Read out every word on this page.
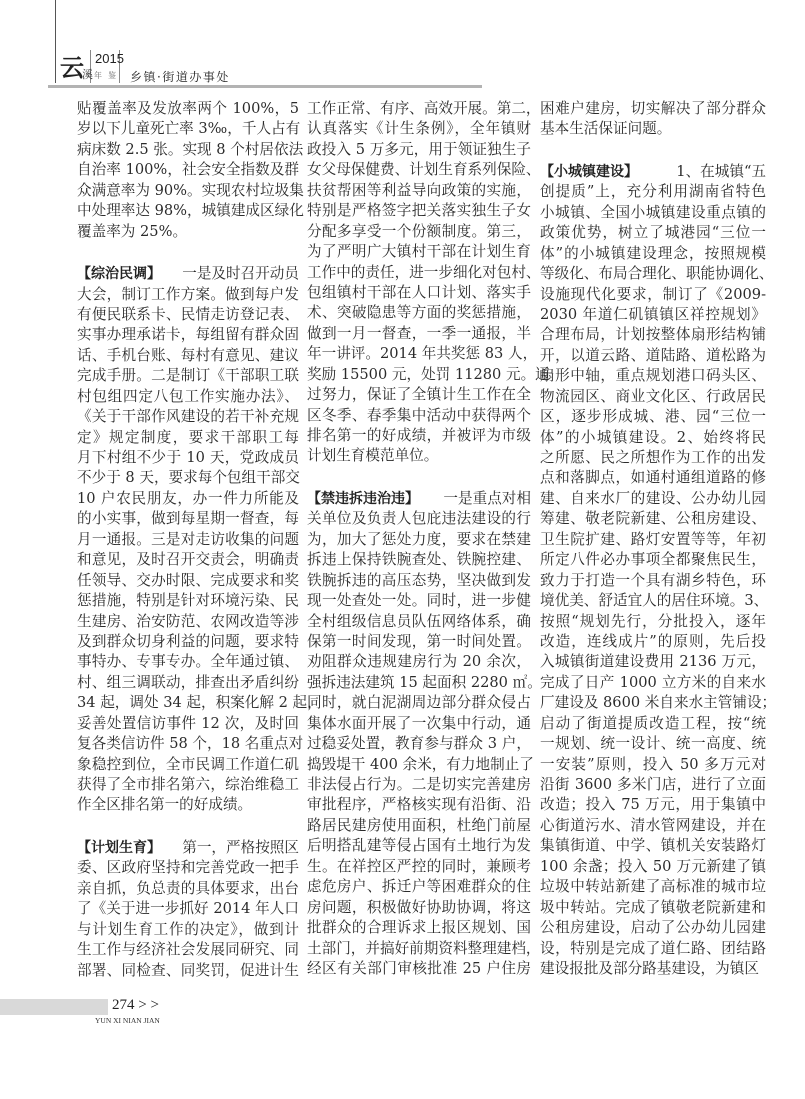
云
溪
2015
年鉴 乡镇·街道办事处
贴覆盖率及发放率两个 100%，5
岁以下儿童死亡率 3‰，千人占有
病床数 2.5 张。实现 8 个村居依法
自治率 100%，社会安全指数及群
众满意率为 90%。实现农村垃圾集
中处理率达 98%，城镇建成区绿化
覆盖率为 25%。
【综治民调】 一是及时召开动员
大会，制订工作方案。做到每户发
有便民联系卡、民情走访登记表、
实事办理承诺卡，每组留有群众固
话、手机台账、每村有意见、建议
完成手册。二是制订《干部职工联
村包组四定八包工作实施办法》、
《关于干部作风建设的若干补充规
定》规定制度，要求干部职工每
月下村组不少于 10 天，党政成员
不少于 8 天，要求每个包组干部交
10 户农民朋友，办一件力所能及
的小实事，做到每星期一督查，每
月一通报。三是对走访收集的问题
和意见，及时召开交责会，明确责
任领导、交办时限、完成要求和奖
惩措施，特别是针对环境污染、民
生建房、治安防范、农网改造等涉
及到群众切身利益的问题，要求特
事特办、专事专办。全年通过镇、
村、组三调联动，排查出矛盾纠纷
34 起，调处 34 起，积案化解 2 起，
妥善处置信访事件 12 次，及时回
复各类信访件 58 个，18 名重点对
象稳控到位，全市民调工作道仁矶
获得了全市排名第六，综治维稳工
作全区排名第一的好成绩。
【计划生育】 第一，严格按照区
委、区政府坚持和完善党政一把手
亲自抓，负总责的具体要求，出台
了《关于进一步抓好 2014 年人口
与计划生育工作的决定》，做到计
生工作与经济社会发展同研究、同
部署、同检查、同奖罚，促进计生
工作正常、有序、高效开展。第二，
认真落实《计生条例》，全年镇财
政投入 5 万多元，用于领证独生子
女父母保健费、计划生育系列保险、
扶贫帮困等利益导向政策的实施，
特别是严格签字把关落实独生子女
分配多享受一个份额制度。第三，
为了严明广大镇村干部在计划生育
工作中的责任，进一步细化对包村、
包组镇村干部在人口计划、落实手
术、突破隐患等方面的奖惩措施，
做到一月一督查，一季一通报，半
年一讲评。2014 年共奖惩 83 人，
奖励 15500 元，处罚 11280 元。通
过努力，保证了全镇计生工作在全
区冬季、春季集中活动中获得两个
排名第一的好成绩，并被评为市级
计划生育模范单位。
【禁违拆违治违】 一是重点对相
关单位及负责人包庇违法建设的行
为，加大了惩处力度，要求在禁建
拆违上保持铁腕查处、铁腕控建、
铁腕拆违的高压态势，坚决做到发
现一处查处一处。同时，进一步健
全村组级信息员队伍网络体系，确
保第一时间发现，第一时间处置。
劝阻群众违规建房行为 20 余次，
强拆违法建筑 15 起面积 2280 ㎡。
同时，就白泥湖周边部分群众侵占
集体水面开展了一次集中行动，通
过稳妥处置，教育参与群众 3 户，
捣毁堤干 400 余米，有力地制止了
非法侵占行为。二是切实完善建房
审批程序，严格核实现有沿街、沿
路居民建房使用面积，杜绝门前屋
后明搭乱建等侵占国有土地行为发
生。在祥控区严控的同时，兼顾考
虑危房户、拆迁户等困难群众的住
房问题，积极做好协助协调，将这
批群众的合理诉求上报区规划、国
土部门，并搞好前期资料整理建档，
经区有关部门审核批准 25 户住房
困难户建房，切实解决了部分群众
基本生活保证问题。
【小城镇建设】	1、在城镇“五
创提质”上，充分利用湖南省特色
小城镇、全国小城镇建设重点镇的
政策优势，树立了城港园“三位一
体”的小城镇建设理念，按照规模
等级化、布局合理化、职能协调化、
设施现代化要求，制订了《2009-
2030 年道仁矶镇镇区祥控规划》
合理布局，计划按整体扇形结构铺
开，以道云路、道陆路、道松路为
扇形中轴，重点规划港口码头区、
物流园区、商业文化区、行政居民
区，逐步形成城、港、园“三位一
体”的小城镇建设。2、始终将民
之所愿、民之所想作为工作的出发
点和落脚点，如通村通组道路的修
建、自来水厂的建设、公办幼儿园
筹建、敬老院新建、公租房建设、
卫生院扩建、路灯安置等等，年初
所定八件必办事项全都聚焦民生，
致力于打造一个具有湖乡特色，环
境优美、舒适宜人的居住环境。3、
按照“规划先行，分批投入，逐年
改造，连线成片”的原则，先后投
入城镇街道建设费用 2136 万元，
完成了日产 1000 立方米的自来水
厂建设及 8600 米自来水主管铺设；
启动了街道提质改造工程，按“统
一规划、统一设计、统一高度、统
一安装”原则，投入 50 多万元对
沿街 3600 多米门店，进行了立面
改造；投入 75 万元，用于集镇中
心街道污水、清水管网建设，并在
集镇街道、中学、镇机关安装路灯
100 余盏；投入 50 万元新建了镇
垃圾中转站新建了高标准的城市垃
圾中转站。完成了镇敬老院新建和
公租房建设，启动了公办幼儿园建
设，特别是完成了道仁路、团结路
建设报批及部分路基建设，为镇区
274 > >
YUN XI NIAN JIAN
